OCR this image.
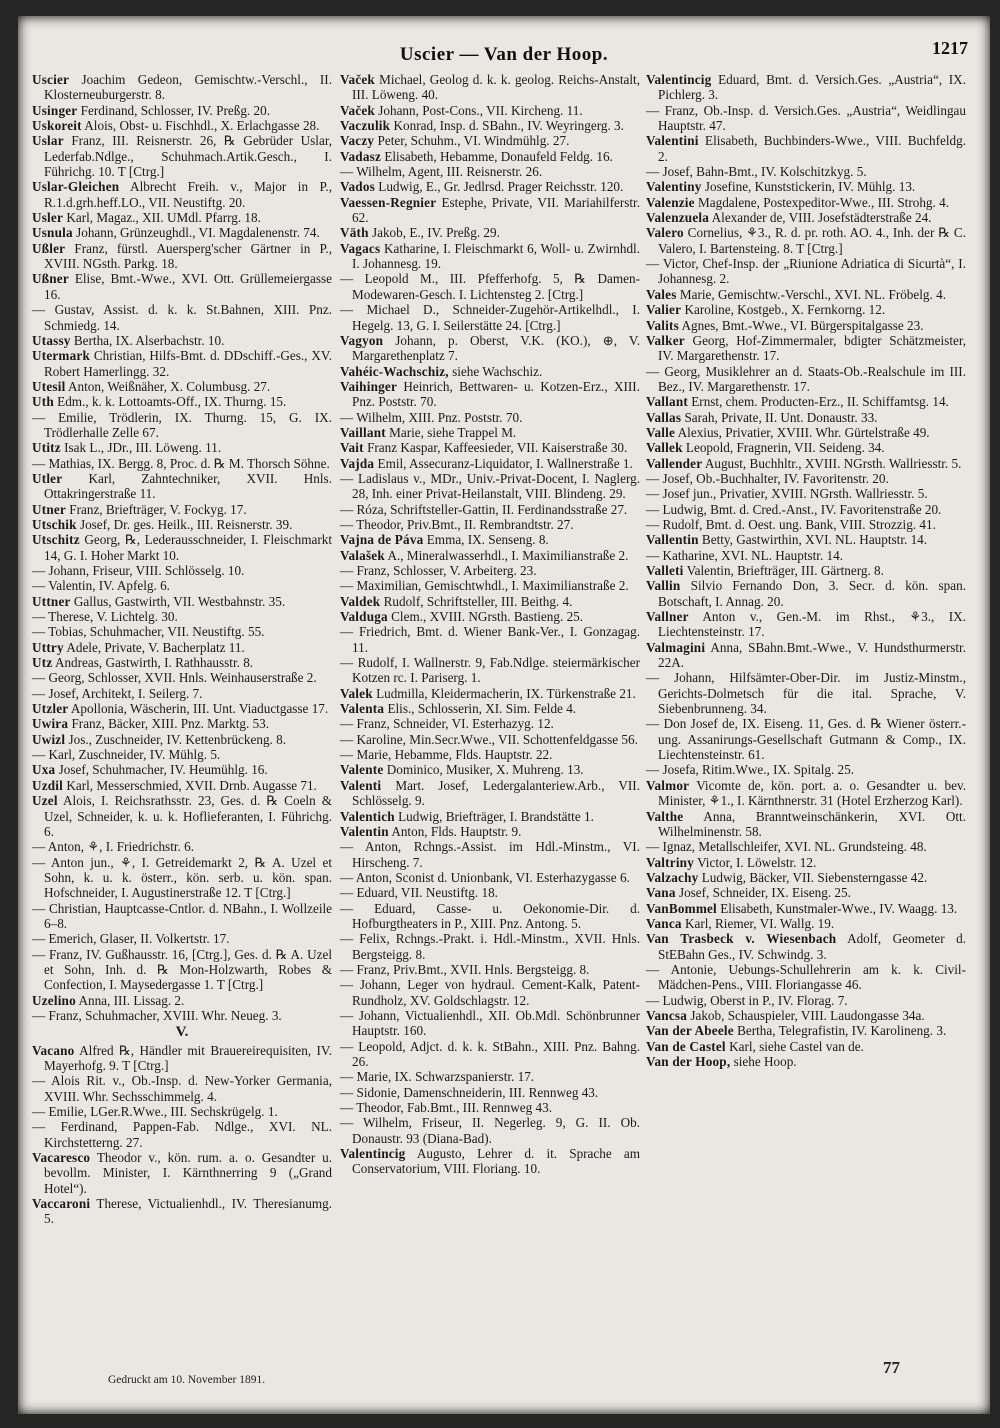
Uscier — Van der Hoop.	1217
Uscier Joachim Gedeon, Gemischtw.-Verschl., II. Klosterneuburgerstr. 8.
Usinger Ferdinand, Schlosser, IV. Preßg. 20.
Uskoreit Alois, Obst- u. Fischhdl., X. Erlachgasse 28.
Uslar Franz, III. Reisnerstr. 26, ℞ Gebrüder Uslar, Lederfab.Ndlge., Schuhmach.Artik.Gesch., I. Führichg. 10. T [Ctrg.]
Uslar-Gleichen Albrecht Freih. v., Major in P., R.1.d.grh.heff.LO., VII. Neustiftg. 20.
Usler Karl, Magaz., XII. UMdl. Pfarrg. 18.
Usnula Johann, Grünzeughdl., VI. Magdalenenstr. 74.
Ußler Franz, fürstl. Auersperg'scher Gärtner in P., XVIII. NGsth. Parkg. 18.
Ußner Elise, Bmt.-Wwe., XVI. Ott. Grüllemeiergasse 16.
— Gustav, Assist. d. k. k. St.Bahnen, XIII. Pnz. Schmiedg. 14.
Utassy Bertha, IX. Alserbachstr. 10.
Utermark Christian, Hilfs-Bmt. d. DDschiff.-Ges., XV. Robert Hamerlingg. 32.
Utesil Anton, Weißnäher, X. Columbusg. 27.
Uth Edm., k. k. Lottoamts-Off., IX. Thurng. 15.
— Emilie, Trödlerin, IX. Thurng. 15, G. IX. Trödlerhalle Zelle 67.
Utitz Isak L., JDr., III. Löweng. 11.
— Mathias, IX. Bergg. 8, Proc. d. ℞ M. Thorsch Söhne.
Utler Karl, Zahntechniker, XVII. Hnls. Ottakringerstraße 11.
Utner Franz, Briefträger, V. Fockyg. 17.
Utschik Josef, Dr. ges. Heilk., III. Reisnerstr. 39.
Utschitz Georg, ℞, Lederausschneider, I. Fleischmarkt 14, G. I. Hoher Markt 10.
— Johann, Friseur, VIII. Schlösselg. 10.
— Valentin, IV. Apfelg. 6.
Uttner Gallus, Gastwirth, VII. Westbahnstr. 35.
— Therese, V. Lichtelg. 30.
— Tobias, Schuhmacher, VII. Neustiftg. 55.
Uttry Adele, Private, V. Bacherplatz 11.
Utz Andreas, Gastwirth, I. Rathhausstr. 8.
— Georg, Schlosser, XVII. Hnls. Weinhauserstraße 2.
— Josef, Architekt, I. Seilerg. 7.
Utzler Apollonia, Wäscherin, III. Unt. Viaductgasse 17.
Uwira Franz, Bäcker, XIII. Pnz. Marktg. 53.
Uwizl Jos., Zuschneider, IV. Kettenbrückeng. 8.
— Karl, Zuschneider, IV. Mühlg. 5.
Uxa Josef, Schuhmacher, IV. Heumühlg. 16.
Uzdil Karl, Messerschmied, XVII. Drnb. Augasse 71.
Uzel Alois, I. Reichsrathsstr. 23, Ges. d. ℞ Coeln & Uzel, Schneider, k. u. k. Hoflieferanten, I. Führichg. 6.
— Anton, ⚘, I. Friedrichstr. 6.
— Anton jun., ⚘, I. Getreidemarkt 2, ℞ A. Uzel et Sohn, k. u. k. österr., kön. serb. u. kön. span. Hofschneider, I. Augustinerstraße 12. T [Ctrg.]
— Christian, Hauptcasse-Cntlor. d. NBahn., I. Wollzeile 6–8.
— Emerich, Glaser, II. Volkertstr. 17.
— Franz, IV. Gußhausstr. 16, [Ctrg.], Ges. d. ℞ A. Uzel et Sohn, Inh. d. ℞ Mon-Holzwarth, Robes & Confection, I. Maysedergasse 1. T [Ctrg.]
Uzelino Anna, III. Lissag. 2.
— Franz, Schuhmacher, XVIII. Whr. Neueg. 3.
V.
Vacano Alfred ℞, Händler mit Brauereirequisiten, IV. Mayerhofg. 9. T [Ctrg.]
— Alois Rit. v., Ob.-Insp. d. New-Yorker Germania, XVIII. Whr. Sechsschimmelg. 4.
— Emilie, LGer.R.Wwe., III. Sechskrügelg. 1.
— Ferdinand, Pappen-Fab. Ndlge., XVI. NL. Kirchstetterng. 27.
Vacaresco Theodor v., kön. rum. a. o. Gesandter u. bevollm. Minister, I. Kärnthnerring 9 („Grand Hotel“).
Vaccaroni Therese, Victualienhdl., IV. Theresianumg. 5.
Vaček Michael, Geolog d. k. k. geolog. Reichs-Anstalt, III. Löweng. 40.
Vaček Johann, Post-Cons., VII. Kircheng. 11.
Vaczulik Konrad, Insp. d. SBahn., IV. Weyringerg. 3.
Vaczy Peter, Schuhm., VI. Windmühlg. 27.
Vadasz Elisabeth, Hebamme, Donaufeld Feldg. 16.
— Wilhelm, Agent, III. Reisnerstr. 26.
Vados Ludwig, E., Gr. Jedlrsd. Prager Reichsstr. 120.
Vaessen-Regnier Estephe, Private, VII. Mariahilferstr. 62.
Väth Jakob, E., IV. Preßg. 29.
Vagacs Katharine, I. Fleischmarkt 6, Woll- u. Zwirnhdl. I. Johannesg. 19.
— Leopold M., III. Pfefferhofg. 5, ℞ Damen-Modewaren-Gesch. I. Lichtensteg 2. [Ctrg.]
— Michael D., Schneider-Zugehör-Artikelhdl., I. Hegelg. 13, G. I. Seilerstätte 24. [Ctrg.]
Vagyon Johann, p. Oberst, V.K. (KO.), ⊕, V. Margarethenplatz 7.
Vahéic-Wachschiz, siehe Wachschiz.
Vaihinger Heinrich, Bettwaren- u. Kotzen-Erz., XIII. Pnz. Poststr. 70.
— Wilhelm, XIII. Pnz. Poststr. 70.
Vaillant Marie, siehe Trappel M.
Vait Franz Kaspar, Kaffeesieder, VII. Kaiserstraße 30.
Vajda Emil, Assecuranz-Liquidator, I. Wallnerstraße 1.
— Ladislaus v., MDr., Univ.-Privat-Docent, I. Naglerg. 28, Inh. einer Privat-Heilanstalt, VIII. Blindeng. 29.
— Róza, Schriftsteller-Gattin, II. Ferdinandsstraße 27.
— Theodor, Priv.Bmt., II. Rembrandtstr. 27.
Vajna de Páva Emma, IX. Senseng. 8.
Valašek A., Mineralwasserhdl., I. Maximilianstraße 2.
— Franz, Schlosser, V. Arbeiterg. 23.
— Maximilian, Gemischtwhdl., I. Maximilianstraße 2.
Valdek Rudolf, Schriftsteller, III. Beithg. 4.
Valduga Clem., XVIII. NGrsth. Bastieng. 25.
— Friedrich, Bmt. d. Wiener Bank-Ver., I. Gonzagag. 11.
— Rudolf, I. Wallnerstr. 9, Fab.Ndlge. steiermärkischer Kotzen rc. I. Pariserg. 1.
Valek Ludmilla, Kleidermacherin, IX. Türkenstraße 21.
Valenta Elis., Schlosserin, XI. Sim. Felde 4.
— Franz, Schneider, VI. Esterhazyg. 12.
— Karoline, Min.Secr.Wwe., VII. Schottenfeldgasse 56.
— Marie, Hebamme, Flds. Hauptstr. 22.
Valente Dominico, Musiker, X. Muhreng. 13.
Valenti Mart. Josef, Ledergalanteriew.Arb., VII. Schlösselg. 9.
Valentich Ludwig, Briefträger, I. Brandstätte 1.
Valentin Anton, Flds. Hauptstr. 9.
— Anton, Rchngs.-Assist. im Hdl.-Minstm., VI. Hirscheng. 7.
— Anton, Sconist d. Unionbank, VI. Esterhazygasse 6.
— Eduard, VII. Neustiftg. 18.
— Eduard, Casse- u. Oekonomie-Dir. d. Hofburgtheaters in P., XIII. Pnz. Antong. 5.
— Felix, Rchngs.-Prakt. i. Hdl.-Minstm., XVII. Hnls. Bergsteigg. 8.
— Franz, Priv.Bmt., XVII. Hnls. Bergsteigg. 8.
— Johann, Leger von hydraul. Cement-Kalk, Patent-Rundholz, XV. Goldschlagstr. 12.
— Johann, Victualienhdl., XII. Ob.Mdl. Schönbrunner Hauptstr. 160.
— Leopold, Adjct. d. k. k. StBahn., XIII. Pnz. Bahng. 26.
— Marie, IX. Schwarzspanierstr. 17.
— Sidonie, Damenschneiderin, III. Rennweg 43.
— Theodor, Fab.Bmt., III. Rennweg 43.
— Wilhelm, Friseur, II. Negerleg. 9, G. II. Ob. Donaustr. 93 (Diana-Bad).
Valentincig Augusto, Lehrer d. it. Sprache am Conservatorium, VIII. Floriang. 10.
Valentincig Eduard, Bmt. d. Versich.Ges. „Austria“, IX. Pichlerg. 3.
— Franz, Ob.-Insp. d. Versich.Ges. „Austria“, Weidlingau Hauptstr. 47.
Valentini Elisabeth, Buchbinders-Wwe., VIII. Buchfeldg. 2.
— Josef, Bahn-Bmt., IV. Kolschitzkyg. 5.
Valentiny Josefine, Kunststickerin, IV. Mühlg. 13.
Valenzie Magdalene, Postexpeditor-Wwe., III. Strohg. 4.
Valenzuela Alexander de, VIII. Josefstädterstraße 24.
Valero Cornelius, ⚘3., R. d. pr. roth. AO. 4., Inh. der ℞ C. Valero, I. Bartensteing. 8. T [Ctrg.]
— Victor, Chef-Insp. der „Riunione Adriatica di Sicurtà“, I. Johannesg. 2.
Vales Marie, Gemischtw.-Verschl., XVI. NL. Fröbelg. 4.
Valier Karoline, Kostgeb., X. Fernkorng. 12.
Valits Agnes, Bmt.-Wwe., VI. Bürgerspitalgasse 23.
Valker Georg, Hof-Zimmermaler, bdigter Schätzmeister, IV. Margarethenstr. 17.
— Georg, Musiklehrer an d. Staats-Ob.-Realschule im III. Bez., IV. Margarethenstr. 17.
Vallant Ernst, chem. Producten-Erz., II. Schiffamtsg. 14.
Vallas Sarah, Private, II. Unt. Donaustr. 33.
Valle Alexius, Privatier, XVIII. Whr. Gürtelstraße 49.
Vallek Leopold, Fragnerin, VII. Seideng. 34.
Vallender August, Buchhltr., XVIII. NGrsth. Wallriesstr. 5.
— Josef, Ob.-Buchhalter, IV. Favoritenstr. 20.
— Josef jun., Privatier, XVIII. NGrsth. Wallriesstr. 5.
— Ludwig, Bmt. d. Cred.-Anst., IV. Favoritenstraße 20.
— Rudolf, Bmt. d. Oest. ung. Bank, VIII. Strozzig. 41.
Vallentin Betty, Gastwirthin, XVI. NL. Hauptstr. 14.
— Katharine, XVI. NL. Hauptstr. 14.
Valleti Valentin, Briefträger, III. Gärtnerg. 8.
Vallin Silvio Fernando Don, 3. Secr. d. kön. span. Botschaft, I. Annag. 20.
Vallner Anton v., Gen.-M. im Rhst., ⚘3., IX. Liechtensteinstr. 17.
Valmagini Anna, SBahn.Bmt.-Wwe., V. Hundsthurmerstr. 22A.
— Johann, Hilfsämter-Ober-Dir. im Justiz-Minstm., Gerichts-Dolmetsch für die ital. Sprache, V. Siebenbrunneng. 34.
— Don Josef de, IX. Eiseng. 11, Ges. d. ℞ Wiener österr.-ung. Assanirungs-Gesellschaft Gutmann & Comp., IX. Liechtensteinstr. 61.
— Josefa, Ritim.Wwe., IX. Spitalg. 25.
Valmor Vicomte de, kön. port. a. o. Gesandter u. bev. Minister, ⚘1., I. Kärnthnerstr. 31 (Hotel Erzherzog Karl).
Valthe Anna, Branntweinschänkerin, XVI. Ott. Wilhelminenstr. 58.
— Ignaz, Metallschleifer, XVI. NL. Grundsteing. 48.
Valtriny Victor, I. Löwelstr. 12.
Valzachy Ludwig, Bäcker, VII. Siebensterngasse 42.
Vana Josef, Schneider, IX. Eiseng. 25.
VanBommel Elisabeth, Kunstmaler-Wwe., IV. Waagg. 13.
Vanca Karl, Riemer, VI. Wallg. 19.
Van Trasbeck v. Wiesenbach Adolf, Geometer d. StEBahn Ges., IV. Schwindg. 3.
— Antonie, Uebungs-Schullehrerin am k. k. Civil-Mädchen-Pens., VIII. Floriangasse 46.
— Ludwig, Oberst in P., IV. Florag. 7.
Vancsa Jakob, Schauspieler, VIII. Laudongasse 34a.
Van der Abeele Bertha, Telegrafistin, IV. Karolineng. 3.
Van de Castel Karl, siehe Castel van de.
Van der Hoop, siehe Hoop.
Gedruckt am 10. November 1891.
77
